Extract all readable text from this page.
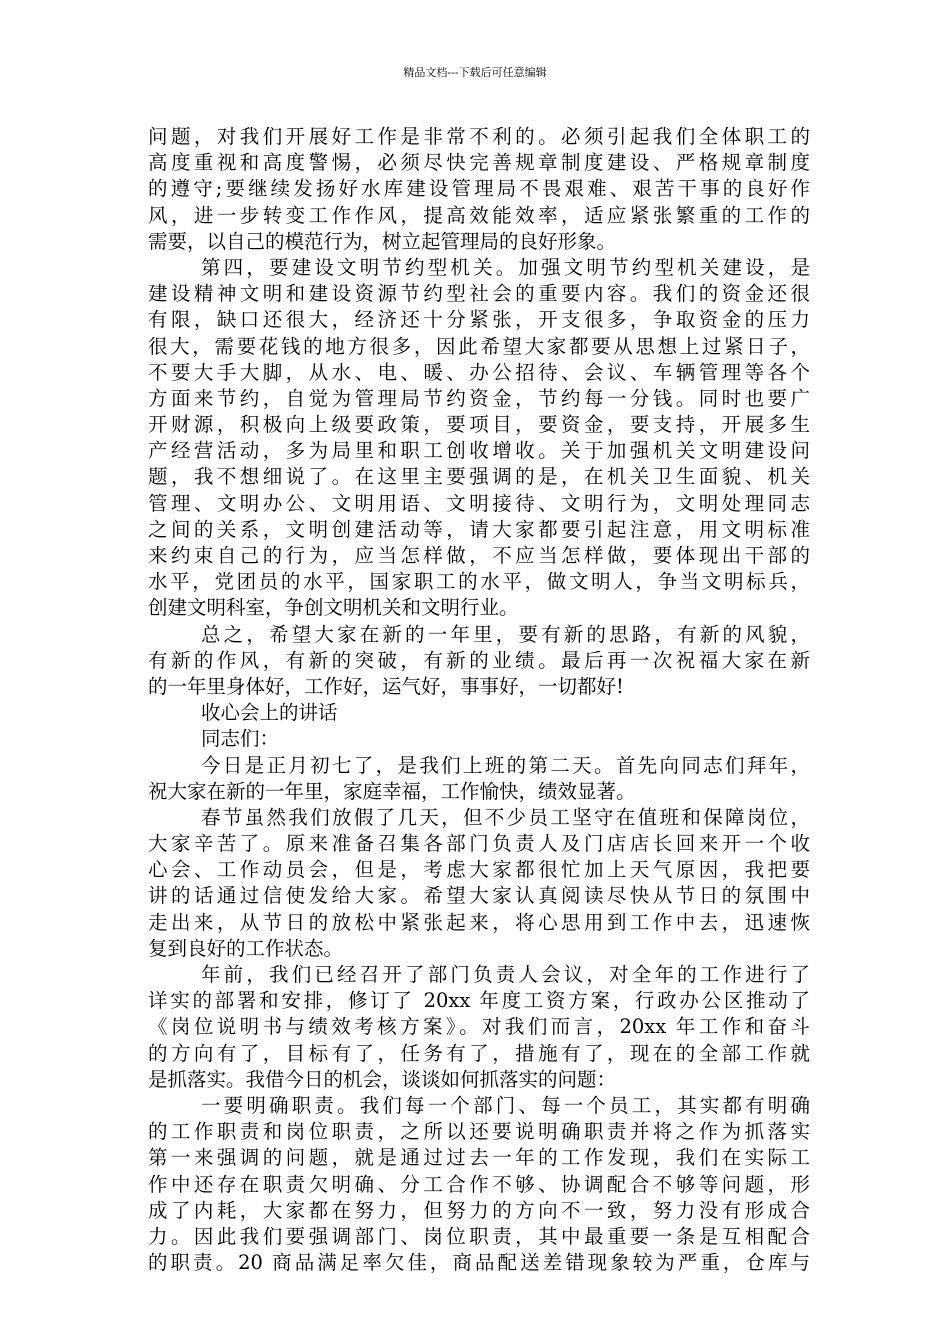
精品文档---下载后可任意编辑
问题，对我们开展好工作是非常不利的。必须引起我们全体职工的
高度重视和高度警惕，必须尽快完善规章制度建设、严格规章制度
的遵守;要继续发扬好水库建设管理局不畏艰难、艰苦干事的良好作
风，进一步转变工作作风，提高效能效率，适应紧张繁重的工作的
需要，以自己的模范行为，树立起管理局的良好形象。
第四，要建设文明节约型机关。加强文明节约型机关建设，是
建设精神文明和建设资源节约型社会的重要内容。我们的资金还很
有限，缺口还很大，经济还十分紧张，开支很多，争取资金的压力
很大，需要花钱的地方很多，因此希望大家都要从思想上过紧日子，
不要大手大脚，从水、电、暖、办公招待、会议、车辆管理等各个
方面来节约，自觉为管理局节约资金，节约每一分钱。同时也要广
开财源，积极向上级要政策，要项目，要资金，要支持，开展多生
产经营活动，多为局里和职工创收增收。关于加强机关文明建设问
题，我不想细说了。在这里主要强调的是，在机关卫生面貌、机关
管理、文明办公、文明用语、文明接待、文明行为，文明处理同志
之间的关系，文明创建活动等，请大家都要引起注意，用文明标准
来约束自己的行为，应当怎样做，不应当怎样做，要体现出干部的
水平，党团员的水平，国家职工的水平，做文明人，争当文明标兵，
创建文明科室，争创文明机关和文明行业。
总之，希望大家在新的一年里，要有新的思路，有新的风貌，
有新的作风，有新的突破，有新的业绩。最后再一次祝福大家在新
的一年里身体好，工作好，运气好，事事好，一切都好!
收心会上的讲话
同志们：
今日是正月初七了，是我们上班的第二天。首先向同志们拜年，
祝大家在新的一年里，家庭幸福，工作愉快，绩效显著。
春节虽然我们放假了几天，但不少员工坚守在值班和保障岗位，
大家辛苦了。原来准备召集各部门负责人及门店店长回来开一个收
心会、工作动员会，但是，考虑大家都很忙加上天气原因，我把要
讲的话通过信使发给大家。希望大家认真阅读尽快从节日的氛围中
走出来，从节日的放松中紧张起来，将心思用到工作中去，迅速恢
复到良好的工作状态。
年前，我们已经召开了部门负责人会议，对全年的工作进行了
详实的部署和安排，修订了 20xx 年度工资方案，行政办公区推动了
《岗位说明书与绩效考核方案》。对我们而言，20xx 年工作和奋斗
的方向有了，目标有了，任务有了，措施有了，现在的全部工作就
是抓落实。我借今日的机会，谈谈如何抓落实的问题：
一要明确职责。我们每一个部门、每一个员工，其实都有明确
的工作职责和岗位职责，之所以还要说明确职责并将之作为抓落实
第一来强调的问题，就是通过过去一年的工作发现，我们在实际工
作中还存在职责欠明确、分工合作不够、协调配合不够等问题，形
成了内耗，大家都在努力，但努力的方向不一致，努力没有形成合
力。因此我们要强调部门、岗位职责，其中最重要一条是互相配合
的职责。20 商品满足率欠佳，商品配送差错现象较为严重，仓库与
